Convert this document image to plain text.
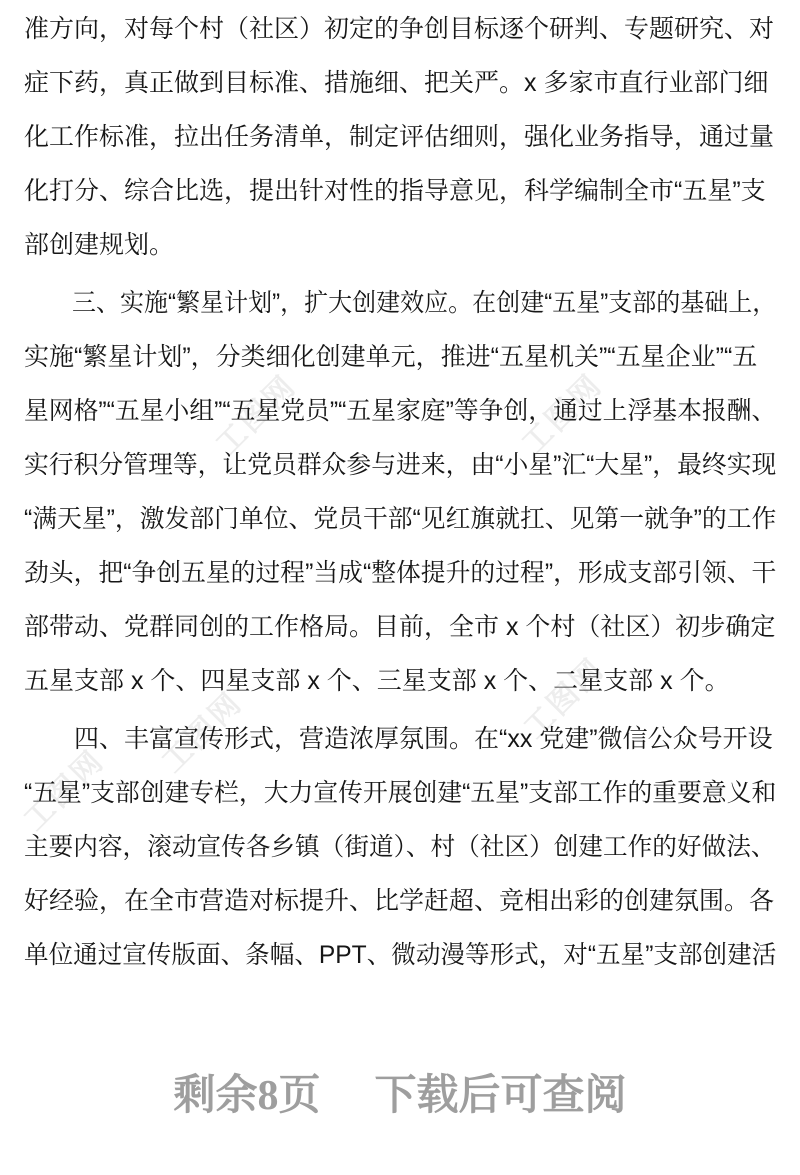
工图网	工图网
工图网	工图网
工图网
准方向，对每个村（社区）初定的争创目标逐个研判、专题研究、对
症下药，真正做到目标准、措施细、把关严。x 多家市直行业部门细
化工作标准，拉出任务清单，制定评估细则，强化业务指导，通过量
化打分、综合比选，提出针对性的指导意见，科学编制全市“五星”支
部创建规划。
　　三、实施“繁星计划”，扩大创建效应。在创建“五星”支部的基础上，
实施“繁星计划”，分类细化创建单元，推进“五星机关”“五星企业”“五
星网格”“五星小组”“五星党员”“五星家庭”等争创，通过上浮基本报酬、
实行积分管理等，让党员群众参与进来，由“小星”汇“大星”，最终实现
“满天星”，激发部门单位、党员干部“见红旗就扛、见第一就争”的工作
劲头，把“争创五星的过程”当成“整体提升的过程”，形成支部引领、干
部带动、党群同创的工作格局。目前，全市 x 个村（社区）初步确定
五星支部 x 个、四星支部 x 个、三星支部 x 个、二星支部 x 个。
　　四、丰富宣传形式，营造浓厚氛围。在“xx 党建”微信公众号开设
“五星”支部创建专栏，大力宣传开展创建“五星”支部工作的重要意义和
主要内容，滚动宣传各乡镇（街道）、村（社区）创建工作的好做法、
好经验，在全市营造对标提升、比学赶超、竞相出彩的创建氛围。各
单位通过宣传版面、条幅、PPT、微动漫等形式，对“五星”支部创建活
剩余8页 下载后可查阅
